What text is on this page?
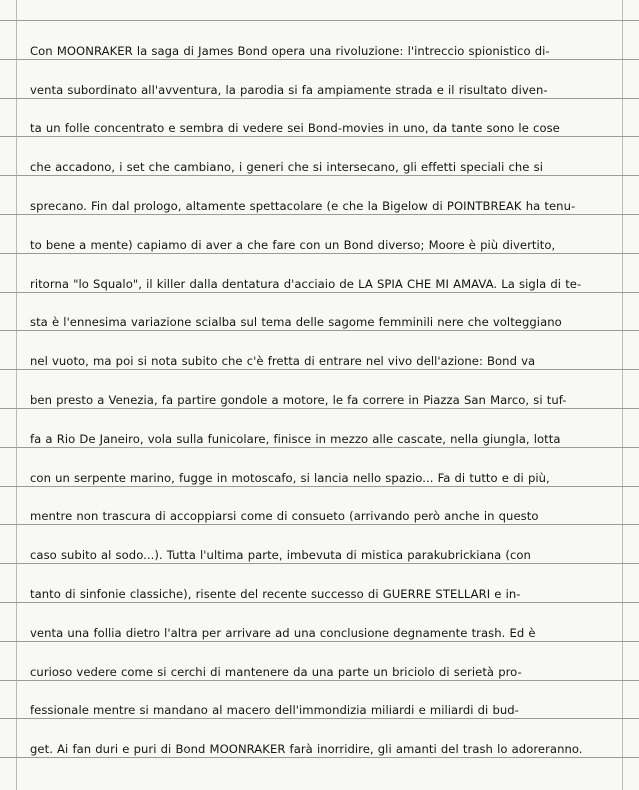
Con MOONRAKER la saga di James Bond opera una rivoluzione: l'intreccio spionistico di-
venta subordinato all'avventura, la parodia si fa ampiamente strada e il risultato diven-
ta un folle concentrato e sembra di vedere sei Bond-movies in uno, da tante sono le cose
che accadono, i set che cambiano, i generi che si intersecano, gli effetti speciali che si
sprecano. Fin dal prologo, altamente spettacolare (e che la Bigelow di POINTBREAK ha tenu-
to bene a mente) capiamo di aver a che fare con un Bond diverso; Moore è più divertito,
ritorna "lo Squalo", il killer dalla dentatura d'acciaio de LA SPIA CHE MI AMAVA. La sigla di te-
sta è l'ennesima variazione scialba sul tema delle sagome femminili nere che volteggiano
nel vuoto, ma poi si nota subito che c'è fretta di entrare nel vivo dell'azione: Bond va
ben presto a Venezia, fa partire gondole a motore, le fa correre in Piazza San Marco, si tuf-
fa a Rio De Janeiro, vola sulla funicolare, finisce in mezzo alle cascate, nella giungla, lotta
con un serpente marino, fugge in motoscafo, si lancia nello spazio... Fa di tutto e di più,
mentre non trascura di accoppiarsi come di consueto (arrivando però anche in questo
caso subito al sodo...). Tutta l'ultima parte, imbevuta di mistica parakubrickiana (con
tanto di sinfonie classiche), risente del recente successo di GUERRE STELLARI e in-
venta una follia dietro l'altra per arrivare ad una conclusione degnamente trash. Ed è
curioso vedere come si cerchi di mantenere da una parte un briciolo di serietà pro-
fessionale mentre si mandano al macero dell'immondizia miliardi e miliardi di bud-
get. Ai fan duri e puri di Bond MOONRAKER farà inorridire, gli amanti del trash lo adoreranno.
